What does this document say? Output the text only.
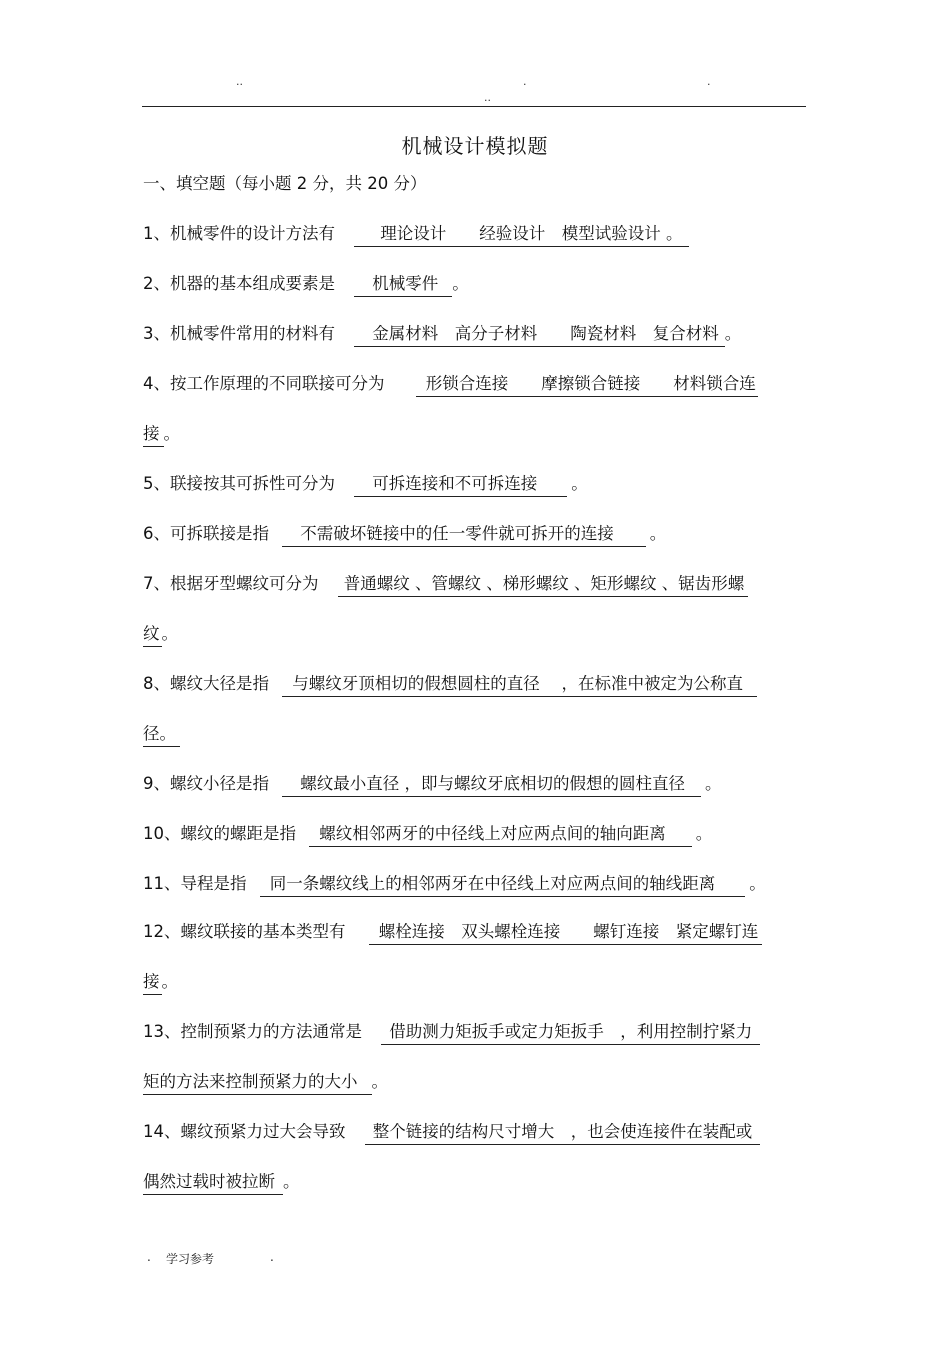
..	.	.
..
机械设计模拟题
一、填空题（每小题 2 分，共 20 分）
1、机械零件的设计方法有	理论设计　　经验设计　模型试验设计 。
2、机器的基本组成要素是 机械零件 。
3、机械零件常用的材料有 金属材料　高分子材料　　陶瓷材料　复合材料 。
4、按工作原理的不同联接可分为	形锁合连接　　摩擦锁合链接　　材料锁合连
接 。
5、联接按其可拆性可分为 可拆连接和不可拆连接 。
6、可拆联接是指 不需破坏链接中的任一零件就可拆开的连接 。
7、根据牙型螺纹可分为 普通螺纹 、管螺纹 、梯形螺纹 、矩形螺纹 、锯齿形螺
纹 。
8、螺纹大径是指 与螺纹牙顶相切的假想圆柱的直径　 ，在标准中被定为公称直
径。
9、螺纹小径是指 螺纹最小直径 ，即与螺纹牙底相切的假想的圆柱直径 。
10、螺纹的螺距是指 螺纹相邻两牙的中径线上对应两点间的轴向距离 。
11、导程是指 同一条螺纹线上的相邻两牙在中径线上对应两点间的轴线距离 。
12、螺纹联接的基本类型有 螺栓连接　双头螺栓连接　　螺钉连接　紧定螺钉连
接 。
13、控制预紧力的方法通常是 借助测力矩扳手或定力矩扳手　，利用控制拧紧力
矩的方法来控制预紧力的大小 。
14、螺纹预紧力过大会导致 整个链接的结构尺寸增大　，也会使连接件在装配或
偶然过载时被拉断 。
. 学习参考	.
